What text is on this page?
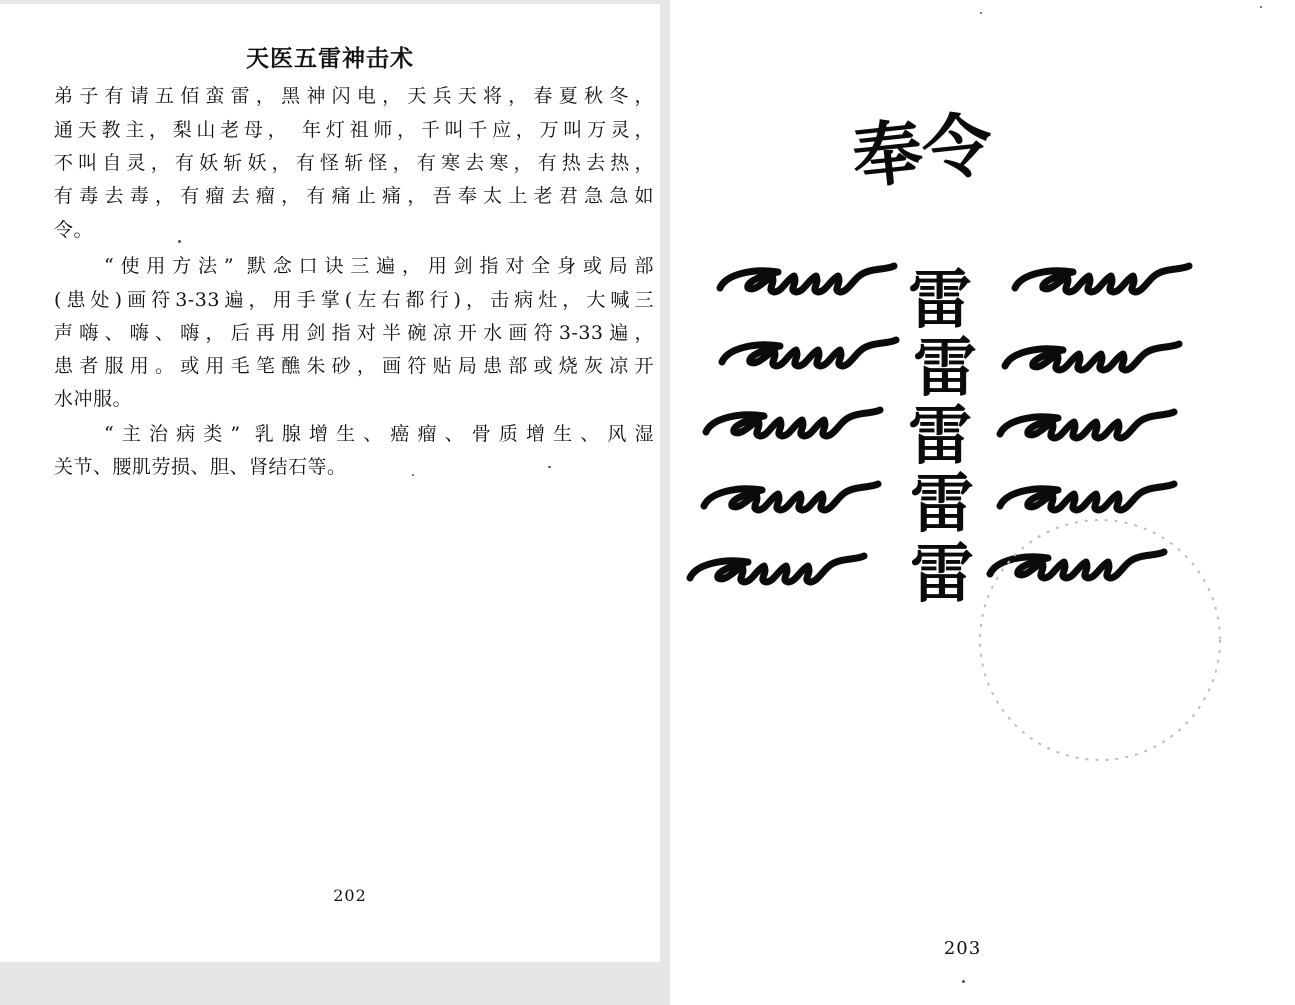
天医五雷神击术
弟子有请五佰蛮雷，黑神闪电，天兵天将，春夏秋冬，
通天教主，梨山老母， 年灯祖师，千叫千应，万叫万灵，
不叫自灵，有妖斩妖，有怪斩怪，有寒去寒，有热去热，
有毒去毒，有瘤去瘤，有痛止痛，吾奉太上老君急急如
令。
“使用方法” 默念口诀三遍，用剑指对全身或局部
(患处)画符3-33遍，用手掌(左右都行)，击病灶，大喊三
声嗨、嗨、嗨，后再用剑指对半碗凉开水画符3-33遍，
患者服用。或用毛笔醮朱砂，画符贴局患部或烧灰凉开
水冲服。
“主治病类” 乳腺增生、癌瘤、骨质增生、风湿
关节、腰肌劳损、胆、肾结石等。
202
奉令
雷
雷
雷
雷
雷
203
